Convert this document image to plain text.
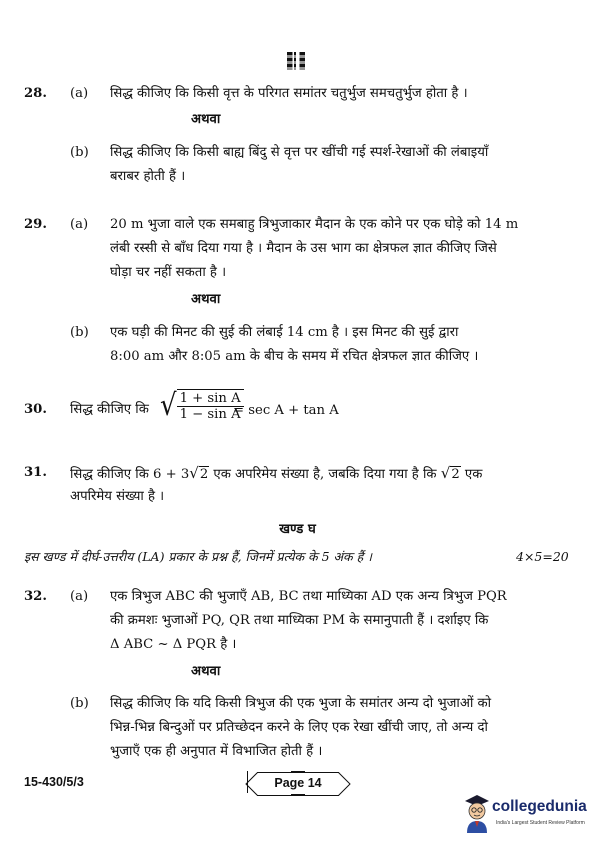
28. (a) सिद्ध कीजिए कि किसी वृत्त के परिगत समांतर चतुर्भुज समचतुर्भुज होता है ।
अथवा
(b) सिद्ध कीजिए कि किसी बाह्य बिंदु से वृत्त पर खींची गई स्पर्श-रेखाओं की लंबाइयाँ
बराबर होती हैं ।
29. (a) 20 m भुजा वाले एक समबाहु त्रिभुजाकार मैदान के एक कोने पर एक घोड़े को 14 m
लंबी रस्सी से बाँध दिया गया है । मैदान के उस भाग का क्षेत्रफल ज्ञात कीजिए जिसे
घोड़ा चर नहीं सकता है ।
अथवा
(b) एक घड़ी की मिनट की सुई की लंबाई 14 cm है । इस मिनट की सुई द्वारा
8:00 am और 8:05 am के बीच के समय में रचित क्षेत्रफल ज्ञात कीजिए ।
30. सिद्ध कीजिए कि √ $\frac{\text{1 + sin A}}{\text{1 − sin A}}$
= sec A + tan A
31. सिद्ध कीजिए कि 6 + 3√2 एक अपरिमेय संख्या है, जबकि दिया गया है कि √2 एक
अपरिमेय संख्या है ।
खण्ड घ
इस खण्ड में दीर्घ-उत्तरीय (LA) प्रकार के प्रश्न हैं, जिनमें प्रत्येक के 5 अंक हैं ।	4×5=20
32. (a) एक त्रिभुज ABC की भुजाएँ AB, BC तथा माध्यिका AD एक अन्य त्रिभुज PQR
की क्रमशः भुजाओं PQ, QR तथा माध्यिका PM के समानुपाती हैं । दर्शाइए कि
Δ ABC ~ Δ PQR है ।
अथवा
(b) सिद्ध कीजिए कि यदि किसी त्रिभुज की एक भुजा के समांतर अन्य दो भुजाओं को
भिन्न-भिन्न बिन्दुओं पर प्रतिच्छेदन करने के लिए एक रेखा खींची जाए, तो अन्य दो
भुजाएँ एक ही अनुपात में विभाजित होती हैं ।
15-430/5/3	Page 14
collegedunia
India's Largest Student Review Platform
